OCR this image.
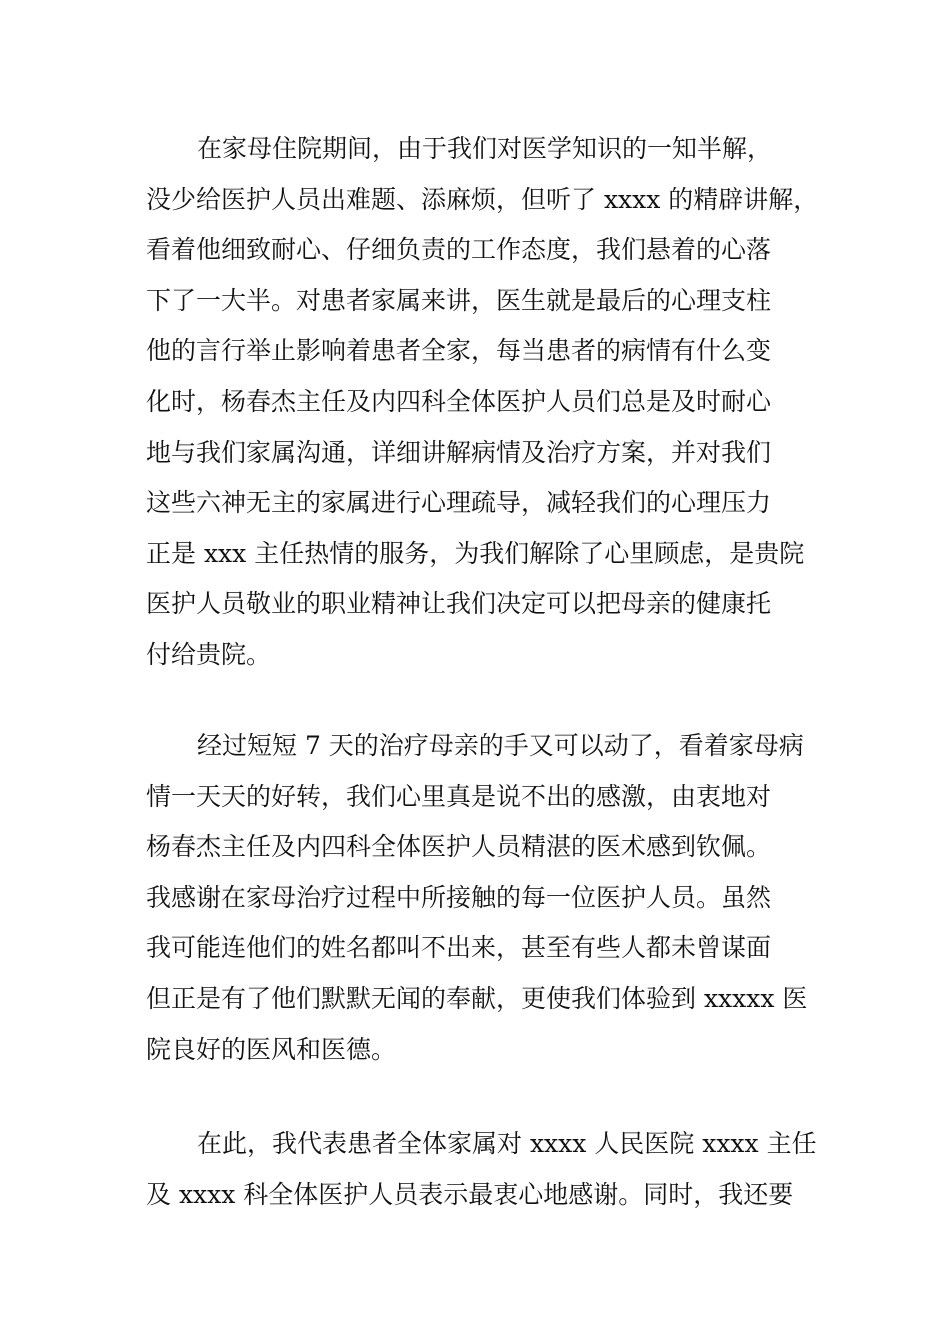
在家母住院期间，由于我们对医学知识的一知半解，
没少给医护人员出难题、添麻烦，但听了 xxxx 的精辟讲解，
看着他细致耐心、仔细负责的工作态度，我们悬着的心落
下了一大半。对患者家属来讲，医生就是最后的心理支柱
他的言行举止影响着患者全家，每当患者的病情有什么变
化时，杨春杰主任及内四科全体医护人员们总是及时耐心
地与我们家属沟通，详细讲解病情及治疗方案，并对我们
这些六神无主的家属进行心理疏导，减轻我们的心理压力
正是 xxx 主任热情的服务，为我们解除了心里顾虑，是贵院
医护人员敬业的职业精神让我们决定可以把母亲的健康托
付给贵院。
经过短短 7 天的治疗母亲的手又可以动了，看着家母病
情一天天的好转，我们心里真是说不出的感激，由衷地对
杨春杰主任及内四科全体医护人员精湛的医术感到钦佩。
我感谢在家母治疗过程中所接触的每一位医护人员。虽然
我可能连他们的姓名都叫不出来，甚至有些人都未曾谋面
但正是有了他们默默无闻的奉献，更使我们体验到 xxxxx 医
院良好的医风和医德。
在此，我代表患者全体家属对 xxxx 人民医院 xxxx 主任
及 xxxx 科全体医护人员表示最衷心地感谢。同时，我还要
